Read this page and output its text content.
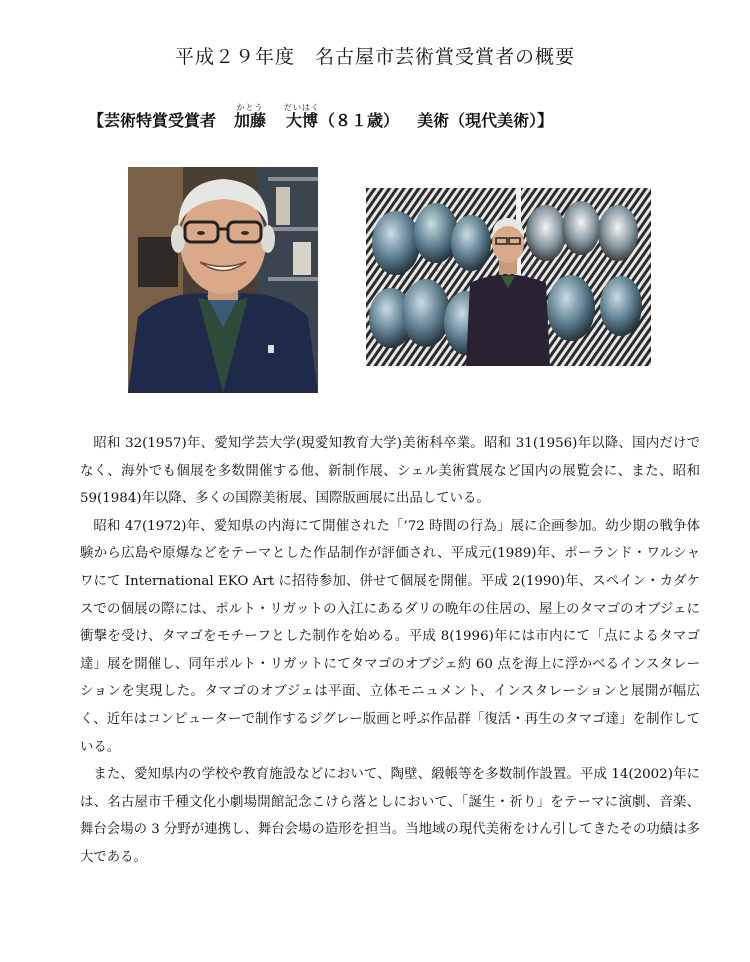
平成２９年度　名古屋市芸術賞受賞者の概要
【芸術特賞受賞者 加藤かとう大博だいはく（８１歳） 美術（現代美術）】

昭和 32(1957)年、愛知学芸大学(現愛知教育大学)美術科卒業。昭和 31(1956)年以降、国内だけでなく、海外でも個展を多数開催する他、新制作展、シェル美術賞展など国内の展覧会に、また、昭和 59(1984)年以降、多くの国際美術展、国際版画展に出品している。

昭和 47(1972)年、愛知県の内海にて開催された「’72 時間の行為」展に企画参加。幼少期の戦争体験から広島や原爆などをテーマとした作品制作が評価され、平成元(1989)年、ポーランド・ワルシャワにて International EKO Art に招待参加、併せて個展を開催。平成 2(1990)年、スペイン・カダケスでの個展の際には、ポルト・リガットの入江にあるダリの晩年の住居の、屋上のタマゴのオブジェに衝撃を受け、タマゴをモチーフとした制作を始める。平成 8(1996)年には市内にて「点によるタマゴ達」展を開催し、同年ポルト・リガットにてタマゴのオブジェ約 60 点を海上に浮かべるインスタレーションを実現した。タマゴのオブジェは平面、立体モニュメント、インスタレーションと展開が幅広く、近年はコンピューターで制作するジグレー版画と呼ぶ作品群「復活・再生のタマゴ達」を制作している。

また、愛知県内の学校や教育施設などにおいて、陶壁、緞帳等を多数制作設置。平成 14(2002)年には、名古屋市千種文化小劇場開館記念こけら落としにおいて、「誕生・祈り」をテーマに演劇、音楽、舞台会場の 3 分野が連携し、舞台会場の造形を担当。当地域の現代美術をけん引してきたその功績は多大である。
